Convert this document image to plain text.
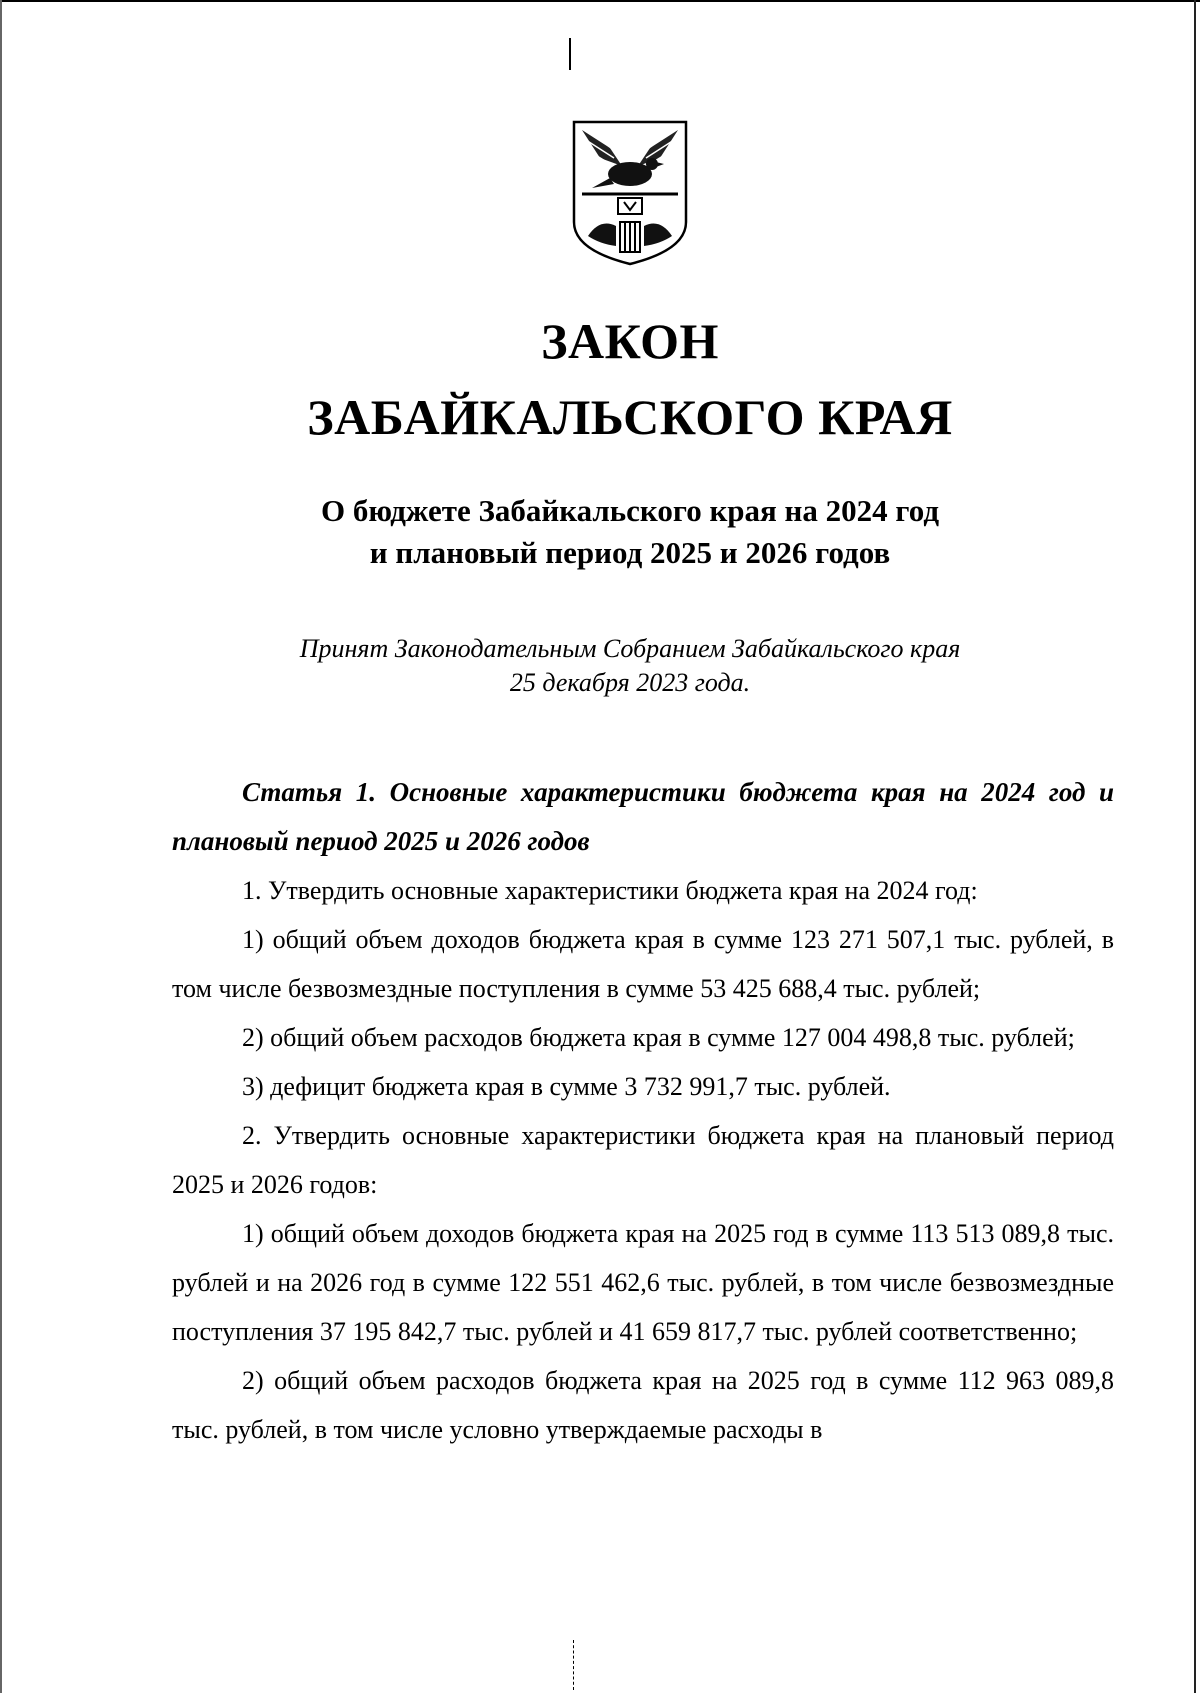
ЗАКОН
ЗАБАЙКАЛЬСКОГО КРАЯ
О бюджете Забайкальского края на 2024 год
и плановый период 2025 и 2026 годов
Принят Законодательным Собранием Забайкальского края
25 декабря 2023 года.

Статья 1. Основные характеристики бюджета края на 2024 год и плановый период 2025 и 2026 годов

1. Утвердить основные характеристики бюджета края на 2024 год:

1) общий объем доходов бюджета края в сумме 123 271 507,1 тыс. рублей, в том числе безвозмездные поступления в сумме 53 425 688,4 тыс. рублей;

2) общий объем расходов бюджета края в сумме 127 004 498,8 тыс. рублей;

3) дефицит бюджета края в сумме 3 732 991,7 тыс. рублей.

2. Утвердить основные характеристики бюджета края на плановый период 2025 и 2026 годов:

1) общий объем доходов бюджета края на 2025 год в сумме 113 513 089,8 тыс. рублей и на 2026 год в сумме 122 551 462,6 тыс. рублей, в том числе безвозмездные поступления 37 195 842,7 тыс. рублей и 41 659 817,7 тыс. рублей соответственно;

2) общий объем расходов бюджета края на 2025 год в сумме 112 963 089,8 тыс. рублей, в том числе условно утверждаемые расходы в
